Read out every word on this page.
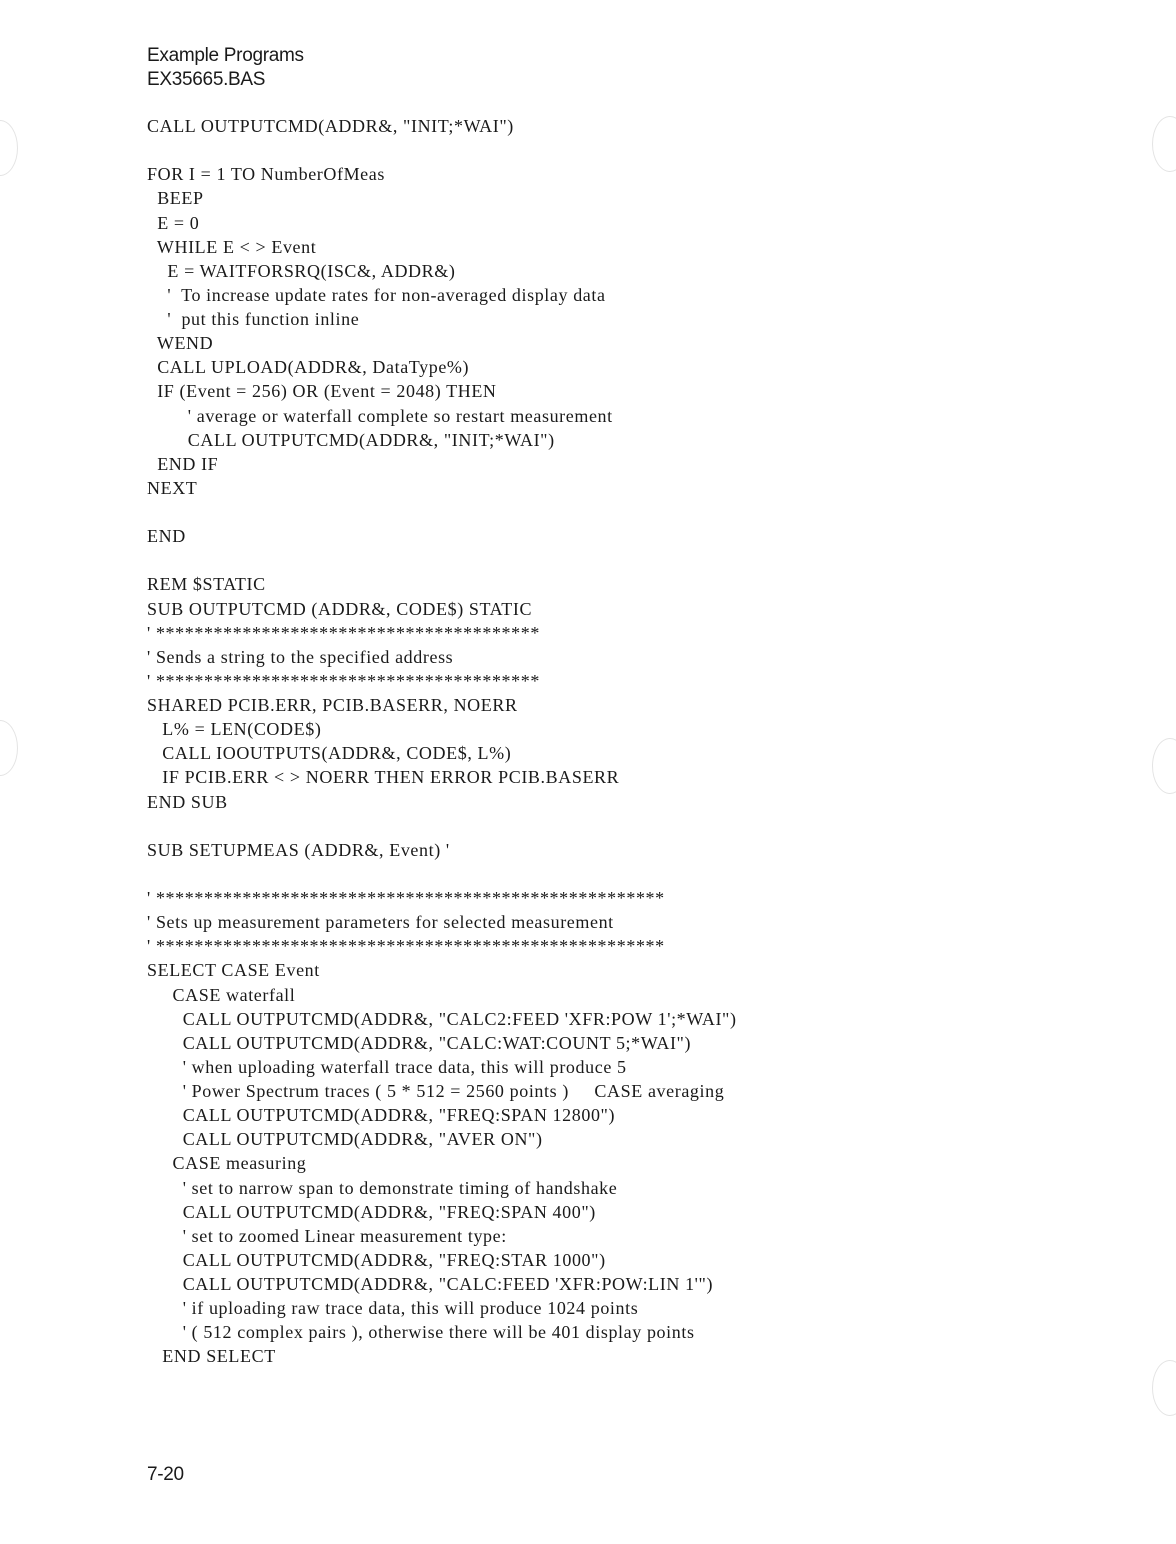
Example Programs
EX35665.BAS
CALL OUTPUTCMD(ADDR&, "INIT;*WAI")
FOR I = 1 TO NumberOfMeas
BEEP
E = 0
WHILE E < > Event
E = WAITFORSRQ(ISC&, ADDR&)
'  To increase update rates for non-averaged display data
'  put this function inline
WEND
CALL UPLOAD(ADDR&, DataType%)
IF (Event = 256) OR (Event = 2048) THEN
' average or waterfall complete so restart measurement
CALL OUTPUTCMD(ADDR&, "INIT;*WAI")
END IF
NEXT
END
REM $STATIC
SUB OUTPUTCMD (ADDR&, CODE$) STATIC
' ****************************************
' Sends a string to the specified address
' ****************************************
SHARED PCIB.ERR, PCIB.BASERR, NOERR
L% = LEN(CODE$)
CALL IOOUTPUTS(ADDR&, CODE$, L%)
IF PCIB.ERR < > NOERR THEN ERROR PCIB.BASERR
END SUB
SUB SETUPMEAS (ADDR&, Event) '
' *****************************************************
' Sets up measurement parameters for selected measurement
' *****************************************************
SELECT CASE Event
CASE waterfall
CALL OUTPUTCMD(ADDR&, "CALC2:FEED 'XFR:POW 1';*WAI")
CALL OUTPUTCMD(ADDR&, "CALC:WAT:COUNT 5;*WAI")
' when uploading waterfall trace data, this will produce 5
' Power Spectrum traces ( 5 * 512 = 2560 points )     CASE averaging
CALL OUTPUTCMD(ADDR&, "FREQ:SPAN 12800")
CALL OUTPUTCMD(ADDR&, "AVER ON")
CASE measuring
' set to narrow span to demonstrate timing of handshake
CALL OUTPUTCMD(ADDR&, "FREQ:SPAN 400")
' set to zoomed Linear measurement type:
CALL OUTPUTCMD(ADDR&, "FREQ:STAR 1000")
CALL OUTPUTCMD(ADDR&, "CALC:FEED 'XFR:POW:LIN 1'")
' if uploading raw trace data, this will produce 1024 points
' ( 512 complex pairs ), otherwise there will be 401 display points
END SELECT
7-20
